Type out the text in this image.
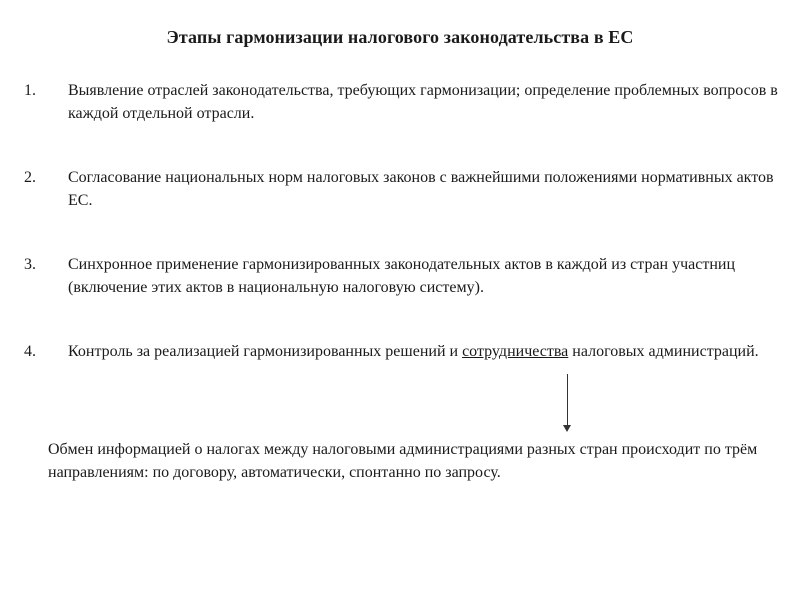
Этапы гармонизации налогового законодательства в ЕС
1.	Выявление отраслей законодательства, требующих гармонизации; определение проблемных вопросов в каждой отдельной отрасли.
2.	Согласование национальных норм налоговых законов с важнейшими положениями нормативных актов ЕС.
3.	Синхронное применение гармонизированных законодательных актов в каждой из стран участниц (включение этих актов в национальную налоговую систему).
4.	Контроль за реализацией гармонизированных решений и сотрудничества налоговых администраций.
Обмен информацией о налогах между налоговыми администрациями разных стран происходит по трём направлениям: по договору, автоматически, спонтанно по запросу.
